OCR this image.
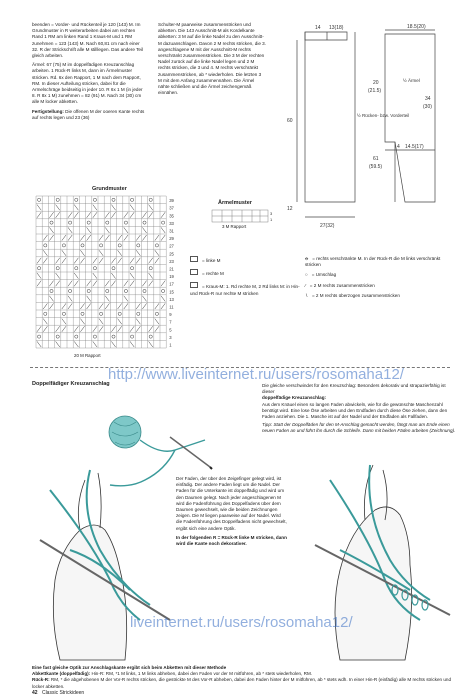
beenden = Vorder- und Rückenteil je 120 (143) M. Im Grundmuster in R weiterarbeiten dabei am rechten Rand 1 RM am linken Rand 1 Kraus-M und 1 RM zunehmen = 123 (143) M. Nach 60,81 cm nach einer 32. R der Strickschrift alle M stilllegen. Das andere Teil gleich arbeiten.

Ärmel: 67 (75) M im doppelfädigen Kreuzanschlag arbeiten. 1 Rück-R links M, dann im Ärmelmuster stricken. Rd. 6x den Rapport, 1 M nach dem Rapport, RM. In dieser Aufteilung stricken, dabei für die Armelschräge beidseitig in jeder 10. R 6x 1 M (in jeder 8. R 8x 1 M) zunehmen = 82 (91) M. Nach 34 (30) cm alle M locker abketten.

Fertigstellung: Die offenen M der ooeren Kante rechts auf rechts legen und 23 (36)

Schulter-M paarweise zusammenstricken und abketten. Die 143 Ausschnitt-M als Kordelkante abketten: 3 M auf die linke Nadel zu den Ausschnitt-M dazuanschlagen. Davon 2 M rechts stricken, die 3. angeschlagene M mit der Ausschnitt-M rechts verschränkt zusammenstricken. Die 3 M der rechten Nadel zurück auf die linke Nadel legen und 2 M rechts stricken, die 3 und 4. M rechts verschränkt zusammenstricken, ab * wiederholen. Die letzten 3 M mit dem Anfang zusammennähen. Die Ärmel nähte schließen und die Ärmel zeichengemäß einnähen.

14 13(18)	18.5(20)
20
(21.5)
34
(30)
60
61
(59.5)
4 14.5(17)
12
27(32)
½ Rücken- bzw. Vorderteil
½ Ärmel
Grundmuster
39
37
35
33
31
29
27
25
23
21
19
17
15
13
11
9
7
5
3
1
20 M Rapport
Ärmelmuster
3
1
3 M Rapport
= linke M
= rechte M
= Kraus-M: 1. Rd rechte M, 2 Rd links M: in Hin- und Rück-R nur rechte M stricken
ꝋ = rechts verschränkte M. In der Rück-R die M links verschränkt stricken
○ = Umschlag
⁄ = 2 M rechts zusammenstricken
∖ = 2 M rechts überzogen zusammenstricken
http://www.liveinternet.ru/users/rosomaha12/
Doppelfädiger Kreuzanschlag	Die gleiche verschwindet für den Kreuzschlag: Besonders dekorativ und strapazierfähig ist dieser
doppelfädige Kreuzanschlag:
Aus dem Knäuel einen so langen Faden abwickeln, wie für die gewünschte Maschenzahl benötigt wird. Eine lose Öse arbeiten und den Endfaden durch diese Öse ziehen, dann den Faden anziehen. Die 1. Masche ist auf der Nadel und der Endfaden als Fallfaden.
Tipp: Statt der Doppelfäden für den M-Anschlag gemacht werden, fängt man am Ende einen neuen Faden an und führt ihn durch die Schleife. Dann mit beiden Fäden arbeiten (Zeichnung).
Der Faden, der über den Zeigefinger gelegt wird, ist einfädig. Der andere Faden liegt um die Nadel. Der Faden für die Unterkante ist doppelfädig und wird um den Daumen gelegt. Nach jeder angeschlagenen M wird die Fadenführung des Doppelfadens über dem Daumen gewechselt, wie die beiden Zeichnungen zeigen. Die M liegen paarweise auf der Nadel. Wird die Fadenführung des Doppelfadens nicht gewechselt, ergibt sich eine andere Optik.
In der folgenden R = Rück-R linke M stricken, dann wird die Kante noch dekorativer.
liveinternet.ru/users/rosomaha12/
Eine fast gleiche Optik zur Anschlagskante ergibt sich beim Abketten mit dieser Methode
Abkettkante (doppelfädig): Hin-R: RM, *1 M links, 1 M links abheben, dabei den Faden vor der M mitführen, ab * stets wiederholen, RM.
Rück-R: RM, * die abgehobenen M der Vor-R rechts stricken, die gestrickte M des Vor-R abheben, dabei den Faden hinter der M mitführen, ab * stets wdh. In einer Hin-R (einfädig) alle M rechts stricken und locker abketten.
42 Classic Strickideen
